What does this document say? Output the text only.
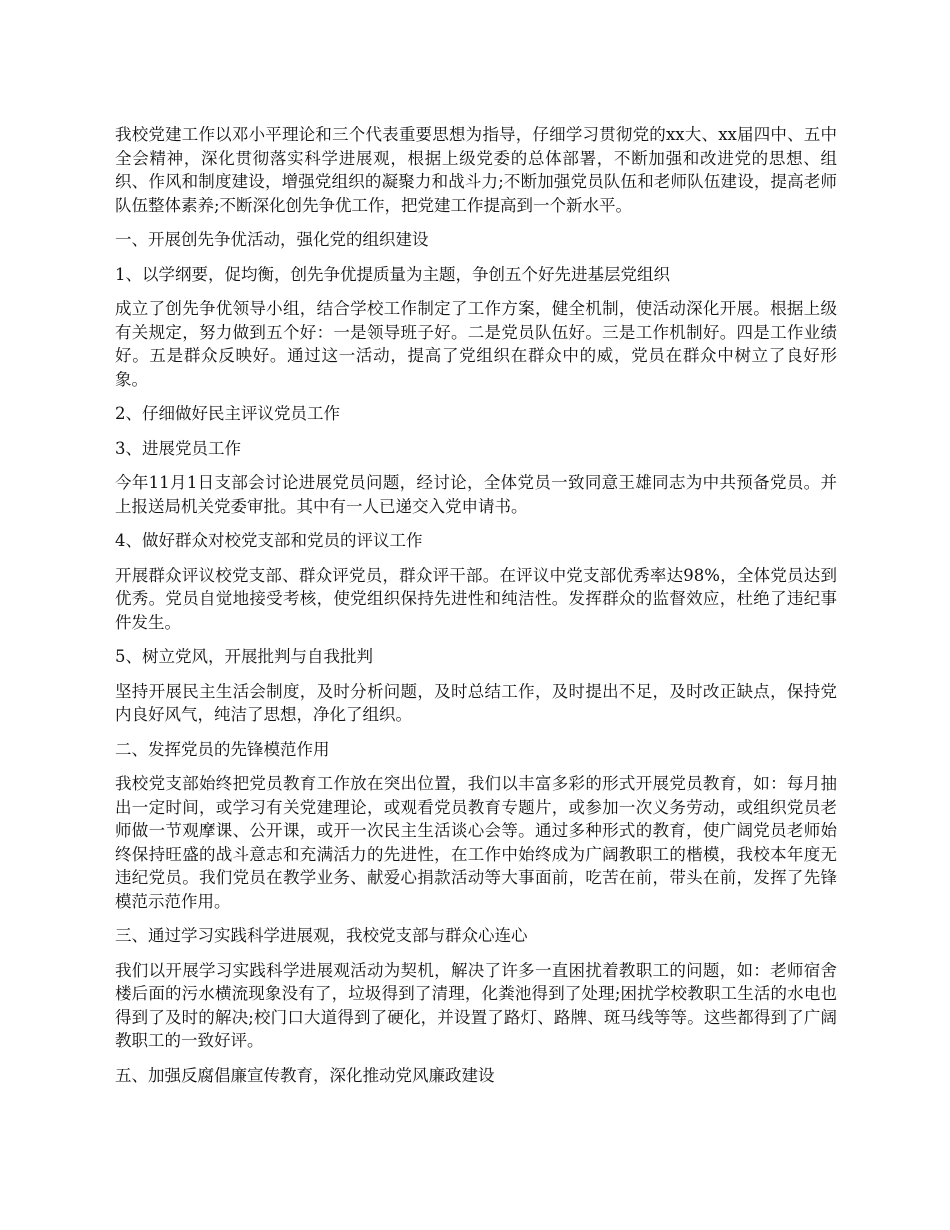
我校党建工作以邓小平理论和三个代表重要思想为指导，仔细学习贯彻党的xx大、xx届四中、五中全会精神，深化贯彻落实科学进展观，根据上级党委的总体部署，不断加强和改进党的思想、组织、作风和制度建设，增强党组织的凝聚力和战斗力;不断加强党员队伍和老师队伍建设，提高老师队伍整体素养;不断深化创先争优工作，把党建工作提高到一个新水平。

一、开展创先争优活动，强化党的组织建设

1、以学纲要，促均衡，创先争优提质量为主题，争创五个好先进基层党组织

成立了创先争优领导小组，结合学校工作制定了工作方案，健全机制，使活动深化开展。根据上级有关规定，努力做到五个好：一是领导班子好。二是党员队伍好。三是工作机制好。四是工作业绩好。五是群众反映好。通过这一活动，提高了党组织在群众中的威，党员在群众中树立了良好形象。

2、仔细做好民主评议党员工作

3、进展党员工作

今年11月1日支部会讨论进展党员问题，经讨论，全体党员一致同意王雄同志为中共预备党员。并上报送局机关党委审批。其中有一人已递交入党申请书。

4、做好群众对校党支部和党员的评议工作

开展群众评议校党支部、群众评党员，群众评干部。在评议中党支部优秀率达98%，全体党员达到优秀。党员自觉地接受考核，使党组织保持先进性和纯洁性。发挥群众的监督效应，杜绝了违纪事件发生。

5、树立党风，开展批判与自我批判

坚持开展民主生活会制度，及时分析问题，及时总结工作，及时提出不足，及时改正缺点，保持党内良好风气，纯洁了思想，净化了组织。

二、发挥党员的先锋模范作用

我校党支部始终把党员教育工作放在突出位置，我们以丰富多彩的形式开展党员教育，如：每月抽出一定时间，或学习有关党建理论，或观看党员教育专题片，或参加一次义务劳动，或组织党员老师做一节观摩课、公开课，或开一次民主生活谈心会等。通过多种形式的教育，使广阔党员老师始终保持旺盛的战斗意志和充满活力的先进性，在工作中始终成为广阔教职工的楷模，我校本年度无违纪党员。我们党员在教学业务、献爱心捐款活动等大事面前，吃苦在前，带头在前，发挥了先锋模范示范作用。

三、通过学习实践科学进展观，我校党支部与群众心连心

我们以开展学习实践科学进展观活动为契机，解决了许多一直困扰着教职工的问题，如：老师宿舍楼后面的污水横流现象没有了，垃圾得到了清理，化粪池得到了处理;困扰学校教职工生活的水电也得到了及时的解决;校门口大道得到了硬化，并设置了路灯、路牌、斑马线等等。这些都得到了广阔教职工的一致好评。

五、加强反腐倡廉宣传教育，深化推动党风廉政建设
